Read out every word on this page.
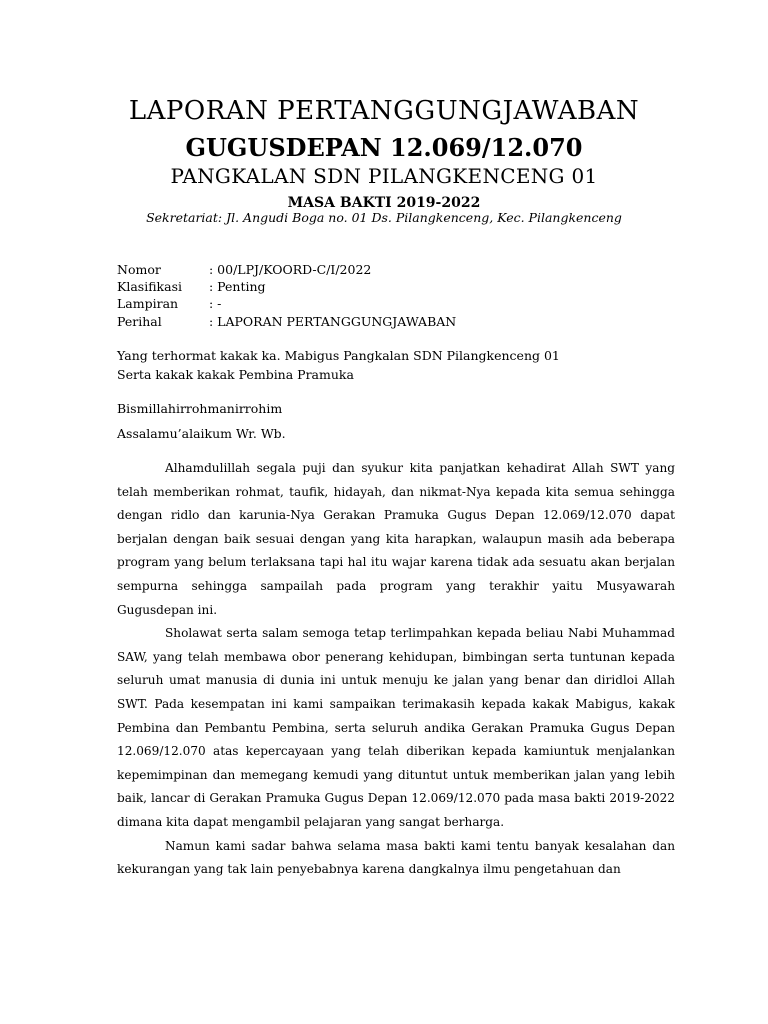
LAPORAN PERTANGGUNGJAWABAN
GUGUSDEPAN 12.069/12.070
PANGKALAN SDN PILANGKENCENG 01
MASA BAKTI 2019-2022
Sekretariat: Jl. Angudi Boga no. 01 Ds. Pilangkenceng, Kec. Pilangkenceng
Nomor	: 00/LPJ/KOORD-C/I/2022
Klasifikasi : Penting
Lampiran : -
Perihal	: LAPORAN PERTANGGUNGJAWABAN
Yang terhormat kakak ka. Mabigus Pangkalan SDN Pilangkenceng 01
Serta kakak kakak Pembina Pramuka
Bismillahirrohmanirrohim
Assalamu’alaikum Wr. Wb.

Alhamdulillah segala puji dan syukur kita panjatkan kehadirat Allah SWT yang telah memberikan rohmat, taufik, hidayah, dan nikmat-Nya kepada kita semua sehingga dengan ridlo dan karunia-Nya Gerakan Pramuka Gugus Depan 12.069/12.070 dapat berjalan dengan baik sesuai dengan yang kita harapkan, walaupun masih ada beberapa program yang belum terlaksana tapi hal itu wajar karena tidak ada sesuatu akan berjalan sempurna sehingga sampailah pada program yang terakhir yaitu Musyawarah Gugusdepan ini.

Sholawat serta salam semoga tetap terlimpahkan kepada beliau Nabi Muhammad SAW, yang telah membawa obor penerang kehidupan, bimbingan serta tuntunan kepada seluruh umat manusia di dunia ini untuk menuju ke jalan yang benar dan diridloi Allah SWT. Pada kesempatan ini kami sampaikan terimakasih kepada kakak Mabigus, kakak Pembina dan Pembantu Pembina, serta seluruh andika Gerakan Pramuka Gugus Depan 12.069/12.070 atas kepercayaan yang telah diberikan kepada kamiuntuk menjalankan kepemimpinan dan memegang kemudi yang dituntut untuk memberikan jalan yang lebih baik, lancar di Gerakan Pramuka Gugus Depan 12.069/12.070 pada masa bakti 2019-2022 dimana kita dapat mengambil pelajaran yang sangat berharga.

Namun kami sadar bahwa selama masa bakti kami tentu banyak kesalahan dan kekurangan yang tak lain penyebabnya karena dangkalnya ilmu pengetahuan dan
